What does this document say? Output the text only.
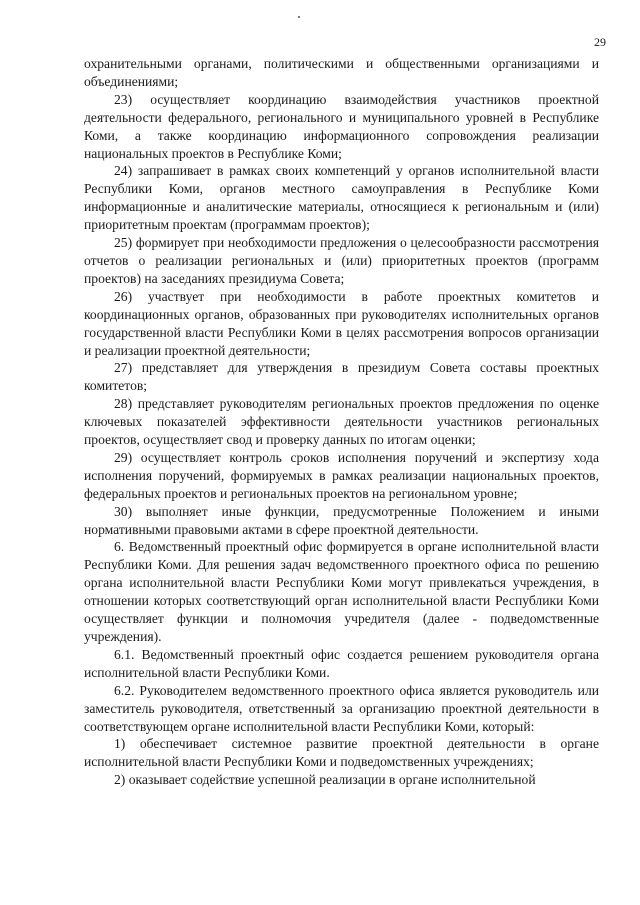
29

охранительными органами, политическими и общественными организациями и объединениями;

23) осуществляет координацию взаимодействия участников проектной деятельности федерального, регионального и муниципального уровней в Республике Коми, а также координацию информационного сопровождения реализации национальных проектов в Республике Коми;

24) запрашивает в рамках своих компетенций у органов исполнительной власти Республики Коми, органов местного самоуправления в Республике Коми информационные и аналитические материалы, относящиеся к региональным и (или) приоритетным проектам (программам проектов);

25) формирует при необходимости предложения о целесообразности рассмотрения отчетов о реализации региональных и (или) приоритетных проектов (программ проектов) на заседаниях президиума Совета;

26) участвует при необходимости в работе проектных комитетов и координационных органов, образованных при руководителях исполнительных органов государственной власти Республики Коми в целях рассмотрения вопросов организации и реализации проектной деятельности;

27) представляет для утверждения в президиум Совета составы проектных комитетов;

28) представляет руководителям региональных проектов предложения по оценке ключевых показателей эффективности деятельности участников региональных проектов, осуществляет свод и проверку данных по итогам оценки;

29) осуществляет контроль сроков исполнения поручений и экспертизу хода исполнения поручений, формируемых в рамках реализации национальных проектов, федеральных проектов и региональных проектов на региональном уровне;

30) выполняет иные функции, предусмотренные Положением и иными нормативными правовыми актами в сфере проектной деятельности.

6. Ведомственный проектный офис формируется в органе исполнительной власти Республики Коми. Для решения задач ведомственного проектного офиса по решению органа исполнительной власти Республики Коми могут привлекаться учреждения, в отношении которых соответствующий орган исполнительной власти Республики Коми осуществляет функции и полномочия учредителя (далее - подведомственные учреждения).

6.1. Ведомственный проектный офис создается решением руководителя органа исполнительной власти Республики Коми.

6.2. Руководителем ведомственного проектного офиса является руководитель или заместитель руководителя, ответственный за организацию проектной деятельности в соответствующем органе исполнительной власти Республики Коми, который:

1) обеспечивает системное развитие проектной деятельности в органе исполнительной власти Республики Коми и подведомственных учреждениях;

2) оказывает содействие успешной реализации в органе исполнительной
